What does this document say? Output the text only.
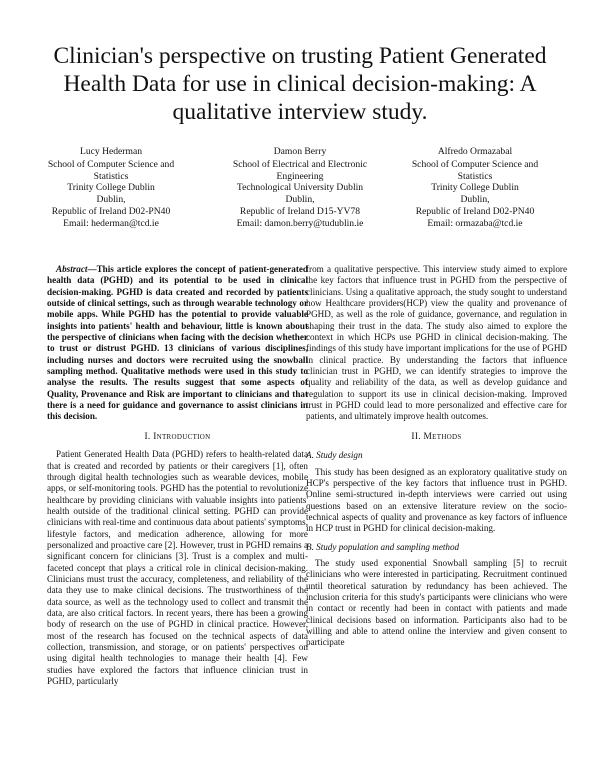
Clinician's perspective on trusting Patient Generated Health Data for use in clinical decision-making: A qualitative interview study.
Lucy Hederman
School of Computer Science and
Statistics
Trinity College Dublin
Dublin,
Republic of Ireland D02-PN40
Email: hederman@tcd.ie
Damon Berry
School of Electrical and Electronic
Engineering
Technological University Dublin
Dublin,
Republic of Ireland D15-YV78
Email: damon.berry@tudublin.ie
Alfredo Ormazabal
School of Computer Science and
Statistics
Trinity College Dublin
Dublin,
Republic of Ireland D02-PN40
Email: ormazaba@tcd.ie

Abstract—This article explores the concept of patient-generated health data (PGHD) and its potential to be used in clinical decision-making. PGHD is data created and recorded by patients outside of clinical settings, such as through wearable technology or mobile apps. While PGHD has the potential to provide valuable insights into patients' health and behaviour, little is known about the perspective of clinicians when facing with the decision whether to trust or distrust PGHD. 13 clinicians of various disciplines, including nurses and doctors were recruited using the snowball sampling method. Qualitative methods were used in this study to analyse the results. The results suggest that some aspects of Quality, Provenance and Risk are important to clinicians and that there is a need for guidance and governance to assist clinicians in this decision.

I. Introduction

Patient Generated Health Data (PGHD) refers to health-related data that is created and recorded by patients or their caregivers [1], often through digital health technologies such as wearable devices, mobile apps, or self-monitoring tools. PGHD has the potential to revolutionize healthcare by providing clinicians with valuable insights into patients' health outside of the traditional clinical setting. PGHD can provide clinicians with real-time and continuous data about patients' symptoms, lifestyle factors, and medication adherence, allowing for more personalized and proactive care [2]. However, trust in PGHD remains a significant concern for clinicians [3]. Trust is a complex and multi-faceted concept that plays a critical role in clinical decision-making. Clinicians must trust the accuracy, completeness, and reliability of the data they use to make clinical decisions. The trustworthiness of the data source, as well as the technology used to collect and transmit the data, are also critical factors. In recent years, there has been a growing body of research on the use of PGHD in clinical practice. However, most of the research has focused on the technical aspects of data collection, transmission, and storage, or on patients' perspectives on using digital health technologies to manage their health [4]. Few studies have explored the factors that influence clinician trust in PGHD, particularly

from a qualitative perspective. This interview study aimed to explore the key factors that influence trust in PGHD from the perspective of clinicians. Using a qualitative approach, the study sought to understand how Healthcare providers(HCP) view the quality and provenance of PGHD, as well as the role of guidance, governance, and regulation in shaping their trust in the data. The study also aimed to explore the context in which HCPs use PGHD in clinical decision-making. The findings of this study have important implications for the use of PGHD in clinical practice. By understanding the factors that influence clinician trust in PGHD, we can identify strategies to improve the quality and reliability of the data, as well as develop guidance and regulation to support its use in clinical decision-making. Improved trust in PGHD could lead to more personalized and effective care for patients, and ultimately improve health outcomes.

II. Methods
A. Study design

This study has been designed as an exploratory qualitative study on HCP's perspective of the key factors that influence trust in PGHD. Online semi-structured in-depth interviews were carried out using questions based on an extensive literature review on the socio-technical aspects of quality and provenance as key factors of influence in HCP trust in PGHD for clinical decision-making.

B. Study population and sampling method

The study used exponential Snowball sampling [5] to recruit clinicians who were interested in participating. Recruitment continued until theoretical saturation by redundancy has been achieved. The inclusion criteria for this study's participants were clinicians who were in contact or recently had been in contact with patients and made clinical decisions based on information. Participants also had to be willing and able to attend online the interview and given consent to participate
